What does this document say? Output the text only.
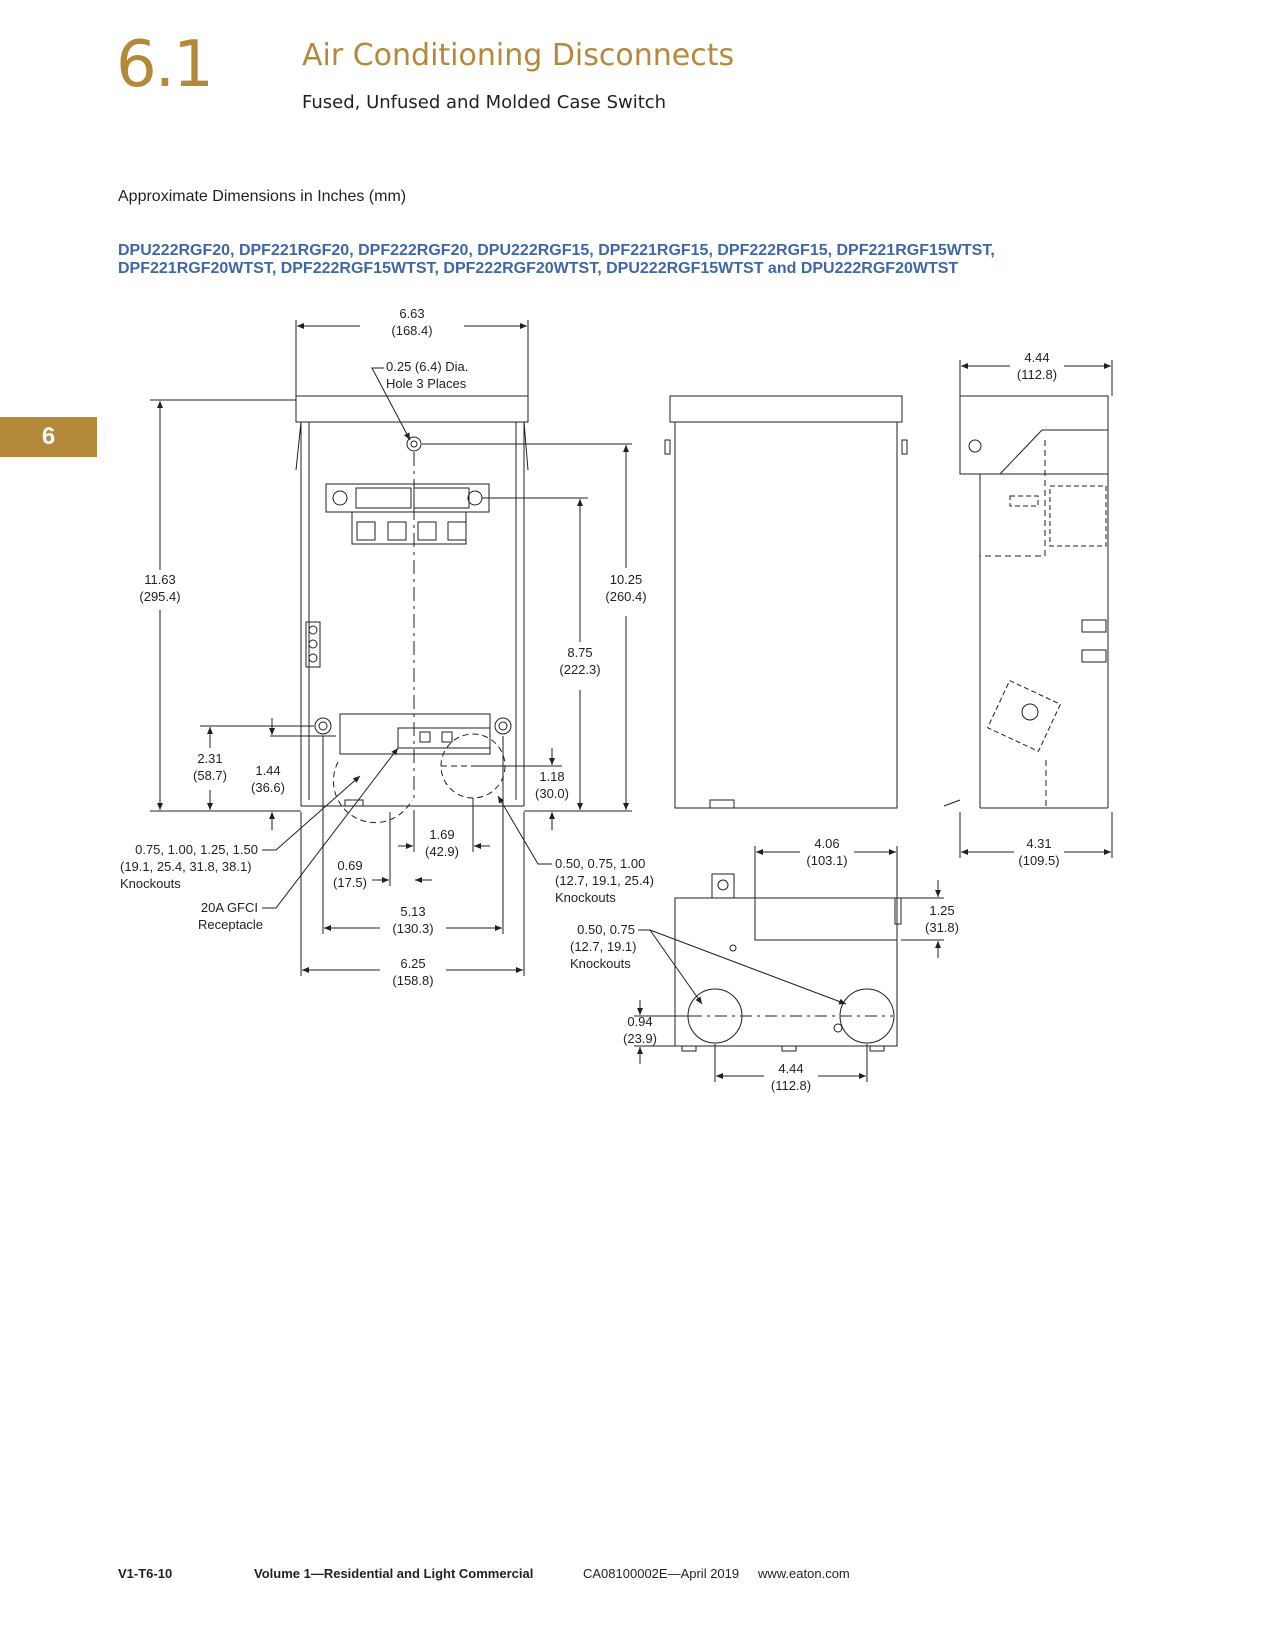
6.1	Air Conditioning Disconnects
Fused, Unfused and Molded Case Switch
6
Approximate Dimensions in Inches (mm)
DPU222RGF20, DPF221RGF20, DPF222RGF20, DPU222RGF15, DPF221RGF15, DPF222RGF15, DPF221RGF15WTST, DPF221RGF20WTST, DPF222RGF15WTST, DPF222RGF20WTST, DPU222RGF15WTST and DPU222RGF20WTST
6.63
(168.4)
0.25 (6.4) Dia.
Hole 3 Places
11.63
(295.4)
10.25
(260.4)
8.75
(222.3)
2.31
(58.7) 1.44
(36.6)
1.18
(30.0)
1.69
(42.9)
0.69
(17.5)
5.13
(130.3)
6.25
(158.8)
0.75, 1.00, 1.25, 1.50
(19.1, 25.4, 31.8, 38.1)
Knockouts
20A GFCI
Receptacle
0.50, 0.75, 1.00
(12.7, 19.1, 25.4)
Knockouts
4.44
(112.8)
4.31
(109.5)
4.06
(103.1)
1.25
(31.8)
0.50, 0.75
(12.7, 19.1)
Knockouts
0.94
(23.9)
4.44
(112.8)
V1-T6-10	Volume 1—Residential and Light Commercial	CA08100002E—April 2019 www.eaton.com
